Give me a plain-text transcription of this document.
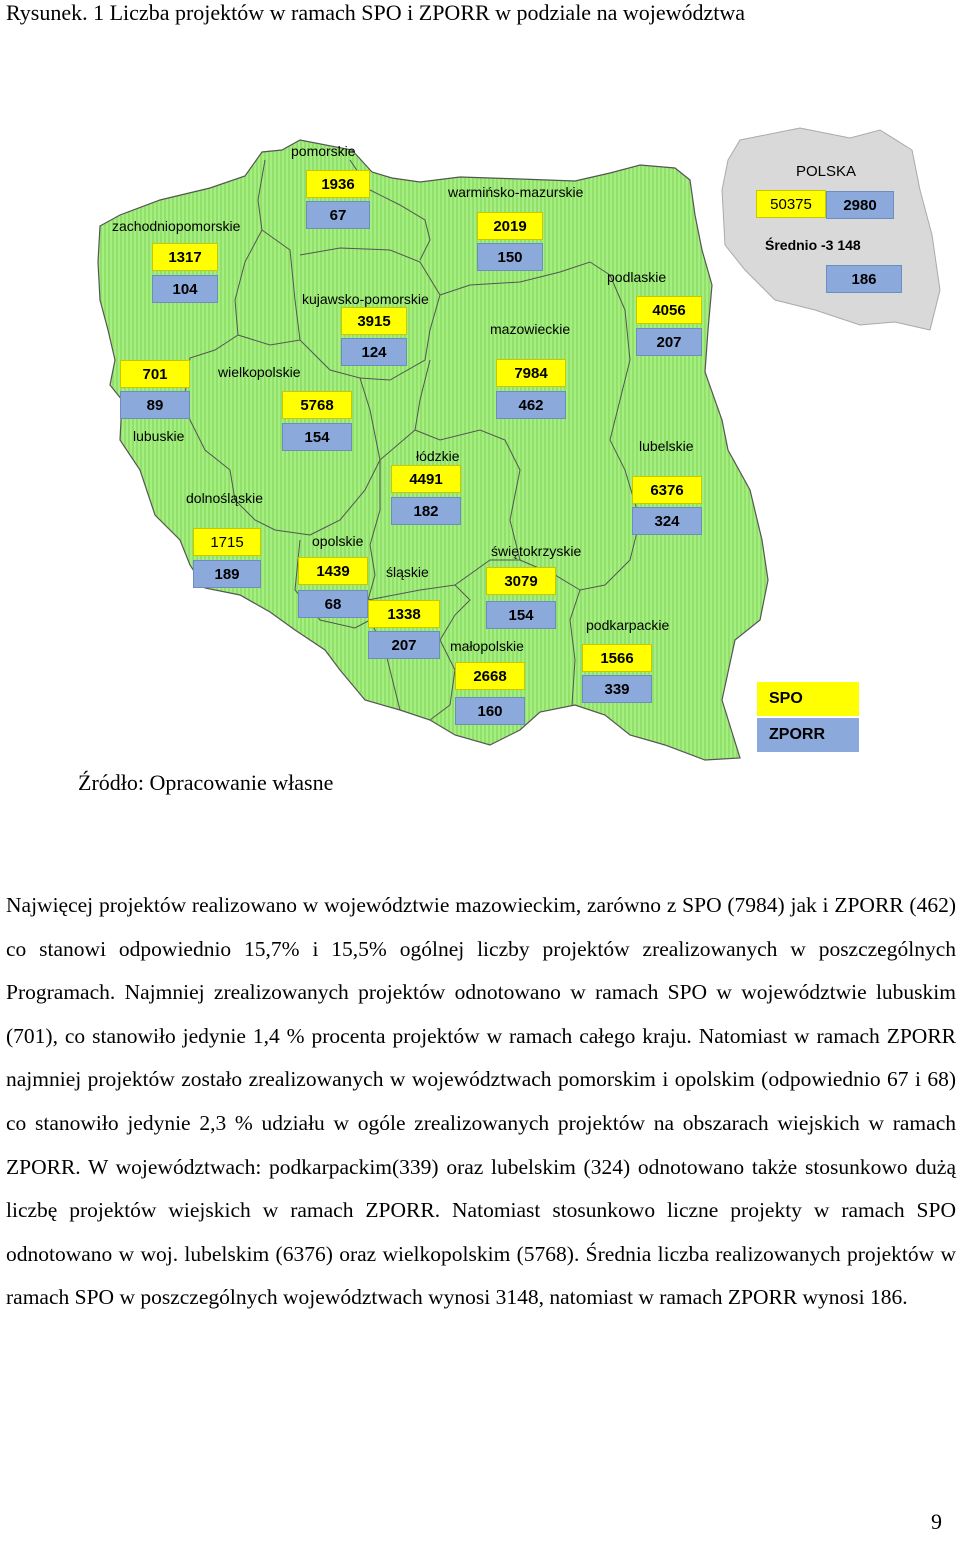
Rysunek. 1 Liczba projektów w ramach SPO i ZPORR w podziale na województwa
pomorskie
zachodniopomorskie
warmińsko-mazurskie
podlaskie
kujawsko-pomorskie
mazowieckie
wielkopolskie
lubuskie
lubelskie
łódzkie
dolnośląskie
opolskie
świętokrzyskie
śląskie
podkarpackie
małopolskie
1936
67
1317
104
2019
150
3915
124
4056
207
701
89
7984
462
5768
154
4491
182
6376
324
1715
189	1439
68
3079
154
1338
207
1566
339
2668
160
POLSKA
50375	2980
Średnio -3 148
186
SPO
ZPORR
Źródło: Opracowanie własne

Najwięcej projektów realizowano w województwie mazowieckim, zarówno z SPO (7984) jak i ZPORR (462) co stanowi odpowiednio 15,7% i 15,5% ogólnej liczby projektów zrealizowanych w poszczególnych Programach. Najmniej zrealizowanych projektów odnotowano w ramach SPO w województwie lubuskim (701), co stanowiło jedynie 1,4 % procenta projektów w ramach całego kraju. Natomiast w ramach ZPORR najmniej projektów zostało zrealizowanych w województwach pomorskim i opolskim (odpowiednio 67 i 68) co stanowiło jedynie 2,3 % udziału w ogóle zrealizowanych projektów na obszarach wiejskich w ramach ZPORR. W województwach: podkarpackim(339) oraz lubelskim (324) odnotowano także stosunkowo dużą liczbę projektów wiejskich w ramach ZPORR. Natomiast stosunkowo liczne projekty w ramach SPO odnotowano w woj. lubelskim (6376) oraz wielkopolskim (5768). Średnia liczba realizowanych projektów w ramach SPO w poszczególnych województwach wynosi 3148, natomiast w ramach ZPORR wynosi 186.

9
